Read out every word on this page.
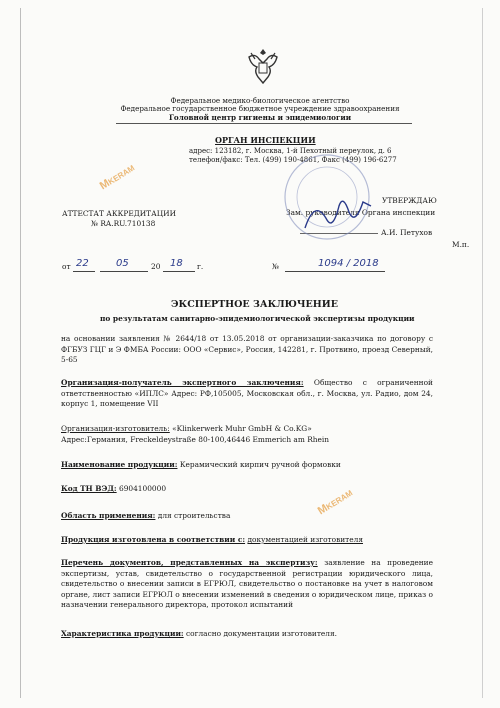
Федеральное медико-биологическое агентство
Федеральное государственное бюджетное учреждение здравоохранения
Головной центр гигиены и эпидемиологии
ОРГАН ИНСПЕКЦИИ
адрес: 123182, г. Москва, 1-й Пехотный переулок, д. 6
телефон/факс: Тел. (499) 190-4861, Факс (499) 196-6277
АТТЕСТАТ АККРЕДИТАЦИИ
№ RA.RU.710138
УТВЕРЖДАЮ
Зам. руководителя Органа инспекции
А.И. Петухов
М.п.
от 22	05	20 18 г.	№	1094 / 2018
ЭКСПЕРТНОЕ ЗАКЛЮЧЕНИЕ
по результатам санитарно-эпидемиологической экспертизы продукции
на основании заявления № 2644/18 от 13.05.2018 от организации-заказчика по договору с ФГБУЗ ГЦГ и Э ФМБА России: ООО «Сервис», Россия, 142281, г. Протвино, проезд Северный, 5-65
Организация-получатель экспертного заключения: Общество с ограниченной ответственностью «ИПЛС» Адрес: РФ,105005, Московская обл., г. Москва, ул. Радио, дом 24, корпус 1, помещение VII
Организация-изготовитель: «Klinkerwerk Muhr GmbH & Co.KG»
Адрес:Германия, Freckeldeystraße 80-100,46446 Emmerich am Rhein
Наименование продукции: Керамический кирпич ручной формовки
Код ТН ВЭД: 6904100000
Область применения: для строительства
Продукция изготовлена в соответствии с: документацией изготовителя
Перечень документов, представленных на экспертизу: заявление на проведение экспертизы, устав, свидетельство о государственной регистрации юридического лица, свидетельство о внесении записи в ЕГРЮЛ, свидетельство о постановке на учет в налоговом органе, лист записи ЕГРЮЛ о внесении изменений в сведения о юридическом лице, приказ о назначении генерального директора, протокол испытаний
Характеристика продукции: согласно документации изготовителя.
MKERAM
MKERAM
